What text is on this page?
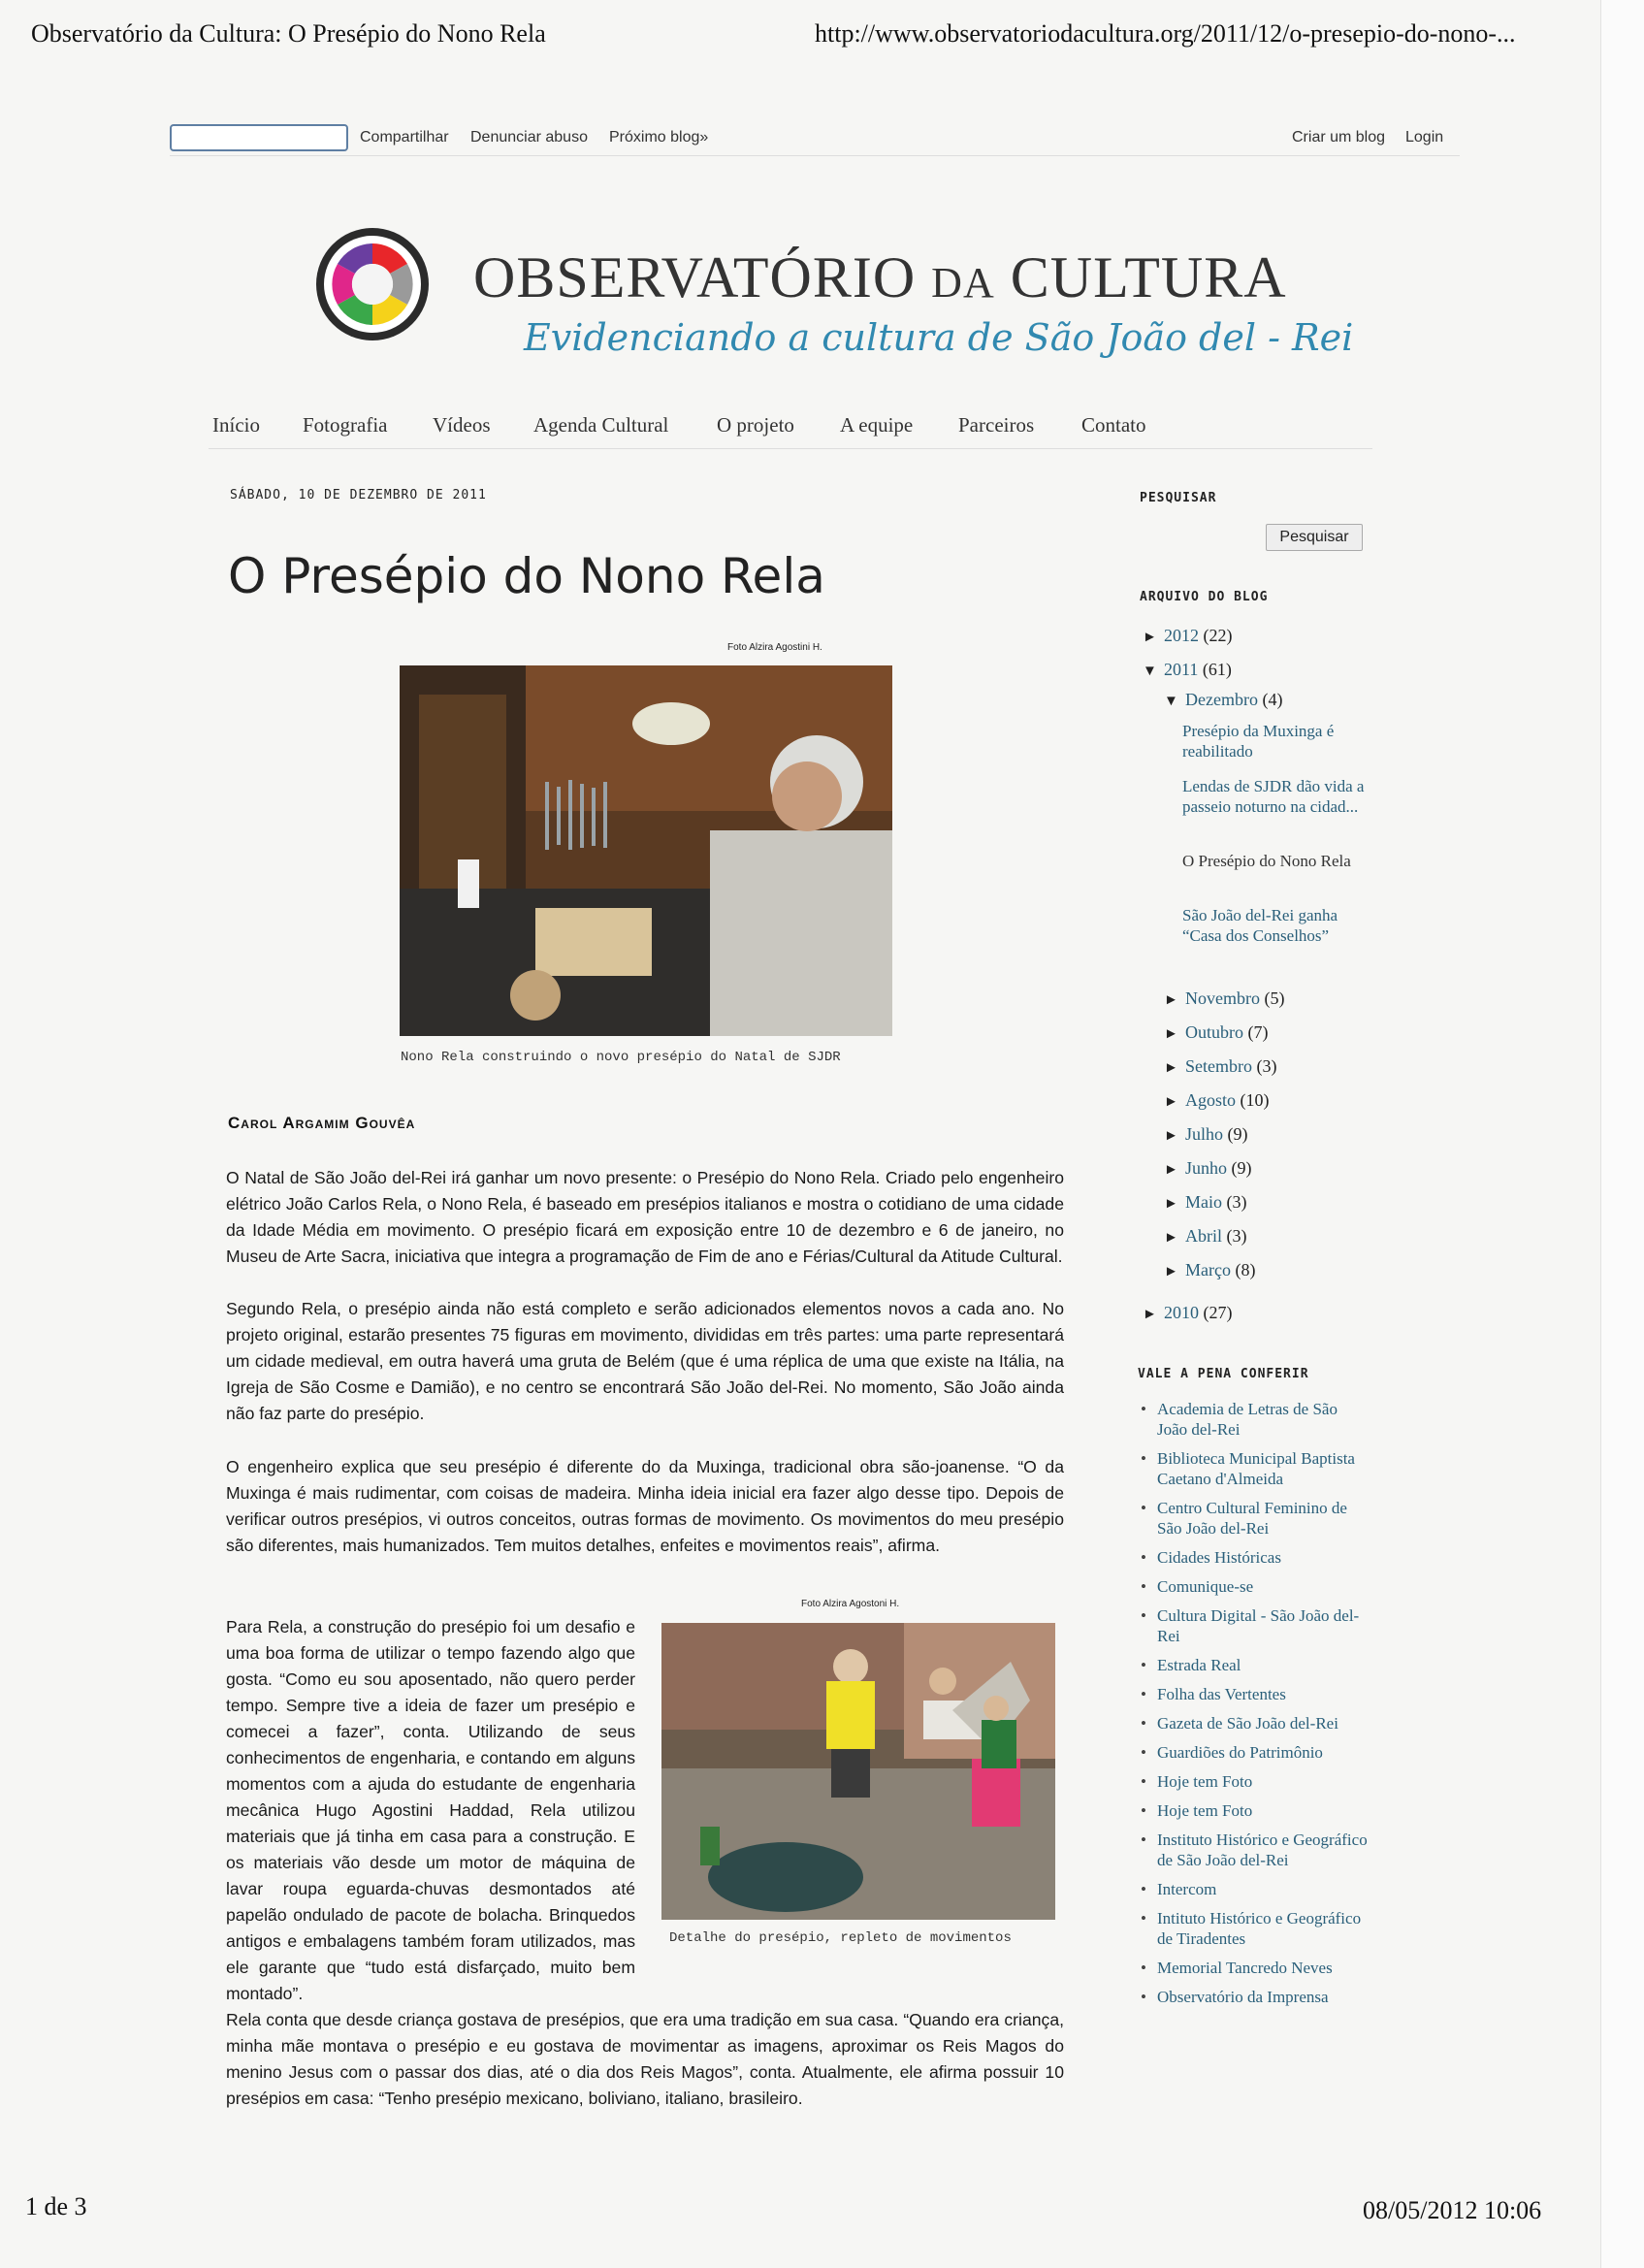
Observatório da Cultura: O Presépio do Nono Rela	http://www.observatoriodacultura.org/2011/12/o-presepio-do-nono-...
Compartilhar Denunciar abuso Próximo blog»	Criar um blog Login
OBSERVATÓRIO DA CULTURA
Evidenciando a cultura de São João del - Rei
Início Fotografia Vídeos Agenda Cultural O projeto A equipe Parceiros Contato
SÁBADO, 10 DE DEZEMBRO DE 2011
O Presépio do Nono Rela
Foto Alzira Agostini H.
Nono Rela construindo o novo presépio do Natal de SJDR
Carol Argamim Gouvêa

O Natal de São João del-Rei irá ganhar um novo presente: o Presépio do Nono Rela. Criado pelo engenheiro elétrico João Carlos Rela, o Nono Rela, é baseado em presépios italianos e mostra o cotidiano de uma cidade da Idade Média em movimento. O presépio ficará em exposição entre 10 de dezembro e 6 de janeiro, no Museu de Arte Sacra, iniciativa que integra a programação de Fim de ano e Férias/Cultural da Atitude Cultural.

Segundo Rela, o presépio ainda não está completo e serão adicionados elementos novos a cada ano. No projeto original, estarão presentes 75 figuras em movimento, divididas em três partes: uma parte representará um cidade medieval, em outra haverá uma gruta de Belém (que é uma réplica de uma que existe na Itália, na Igreja de São Cosme e Damião), e no centro se encontrará São João del-Rei. No momento, São João ainda não faz parte do presépio.

O engenheiro explica que seu presépio é diferente do da Muxinga, tradicional obra são-joanense. “O da Muxinga é mais rudimentar, com coisas de madeira. Minha ideia inicial era fazer algo desse tipo. Depois de verificar outros presépios, vi outros conceitos, outras formas de movimento. Os movimentos do meu presépio são diferentes, mais humanizados. Tem muitos detalhes, enfeites e movimentos reais”, afirma.

Foto Alzira Agostoni H.
Detalhe do presépio, repleto de movimentos

Para Rela, a construção do presépio foi um desafio e uma boa forma de utilizar o tempo fazendo algo que gosta. “Como eu sou aposentado, não quero perder tempo. Sempre tive a ideia de fazer um presépio e comecei a fazer”, conta. Utilizando de seus conhecimentos de engenharia, e contando em alguns momentos com a ajuda do estudante de engenharia mecânica Hugo Agostini Haddad, Rela utilizou materiais que já tinha em casa para a construção. E os materiais vão desde um motor de máquina de lavar roupa eguarda-chuvas desmontados até papelão ondulado de pacote de bolacha. Brinquedos antigos e embalagens também foram utilizados, mas ele garante que “tudo está disfarçado, muito bem montado”.

Rela conta que desde criança gostava de presépios, que era uma tradição em sua casa. “Quando era criança, minha mãe montava o presépio e eu gostava de movimentar as imagens, aproximar os Reis Magos do menino Jesus com o passar dos dias, até o dia dos Reis Magos”, conta. Atualmente, ele afirma possuir 10 presépios em casa: “Tenho presépio mexicano, boliviano, italiano, brasileiro.

PESQUISAR
Pesquisar
ARQUIVO DO BLOG
► 2012 (22)
▼ 2011 (61)
▼ Dezembro (4)
Presépio da Muxinga é reabilitado
Lendas de SJDR dão vida a passeio noturno na cidad...
O Presépio do Nono Rela
São João del-Rei ganha “Casa dos Conselhos”
► Novembro (5)
► Outubro (7)
► Setembro (3)
► Agosto (10)
► Julho (9)
► Junho (9)
► Maio (3)
► Abril (3)
► Março (8)
► 2010 (27)
VALE A PENA CONFERIR
• Academia de Letras de São João del-Rei
• Biblioteca Municipal Baptista Caetano d'Almeida
• Centro Cultural Feminino de São João del-Rei
• Cidades Históricas
• Comunique-se
• Cultura Digital - São João del-Rei
• Estrada Real
• Folha das Vertentes
• Gazeta de São João del-Rei
• Guardiões do Patrimônio
• Hoje tem Foto
• Hoje tem Foto
• Instituto Histórico e Geográfico de São João del-Rei
• Intercom
• Intituto Histórico e Geográfico de Tiradentes
• Memorial Tancredo Neves
• Observatório da Imprensa
1 de 3	08/05/2012 10:06
